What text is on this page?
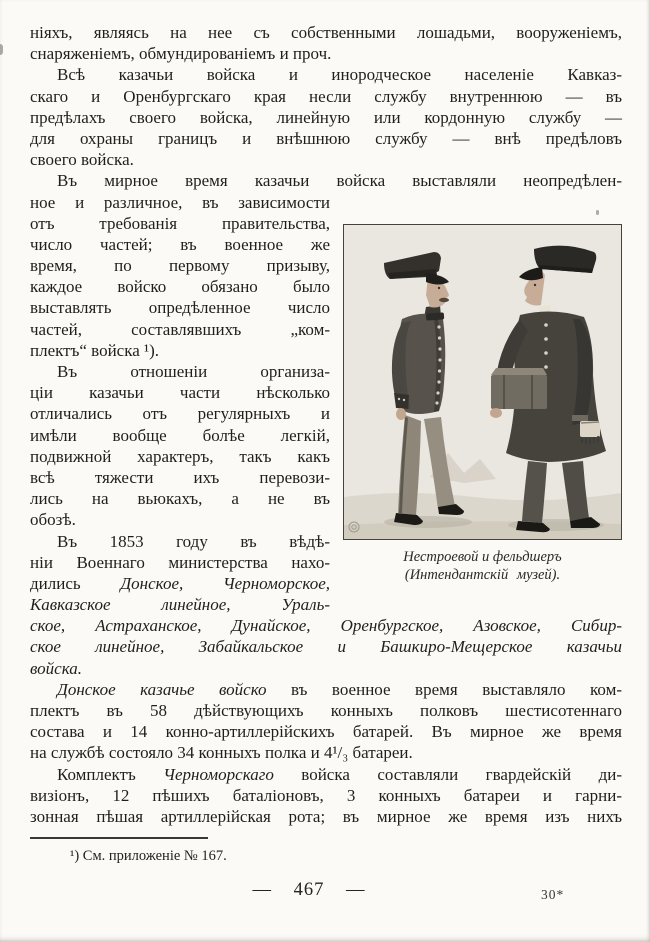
ніяхъ, являясь на нее съ собственными лошадьми, вооруженіемъ,
снаряженіемъ, обмундированіемъ и проч.
Всѣ казачьи войска и инородческое населеніе Кавказ-
скаго и Оренбургскаго края несли службу внутреннюю — въ
предѣлахъ своего войска, линейную или кордонную службу —
для охраны границъ и внѣшнюю службу — внѣ предѣловъ
своего войска.
Въ мирное время казачьи войска выставляли неопредѣлен-
Нестроевой и фельдшеръ
(Интендантскій музей).
ное и различное, въ зависимости
отъ требованія правительства,
число частей; въ военное же
время, по первому призыву,
каждое войско обязано было
выставлять опредѣленное число
частей, составлявшихъ „ком-
плектъ“ войска ¹).
Въ отношеніи организа-
ціи казачьи части нѣсколько
отличались отъ регулярныхъ и
имѣли вообще болѣе легкій,
подвижной характеръ, такъ какъ
всѣ тяжести ихъ перевози-
лись на вьюкахъ, а не въ
обозѣ.
Въ 1853 году въ вѣдѣ-
ніи Военнаго министерства нахо-
дились Донское, Черноморское,
Кавказское линейное, Ураль-
ское, Астраханское, Дунайское, Оренбургское, Азовское, Сибир-
ское линейное, Забайкальское и Башкиро-Мещерское казачьи
войска.
Донское казачье войско въ военное время выставляло ком-
плектъ въ 58 дѣйствующихъ конныхъ полковъ шестисотеннаго
состава и 14 конно-артиллерійскихъ батарей. Въ мирное же время
на службѣ состояло 34 конныхъ полка и 4¹/₃ батареи.
Комплектъ Черноморскаго войска составляли гвардейскій ди-
визіонъ, 12 пѣшихъ баталіоновъ, 3 конныхъ батареи и гарни-
зонная пѣшая артиллерійская рота; въ мирное же время изъ нихъ
¹) См. приложеніе № 167.
— 467 —	30*
